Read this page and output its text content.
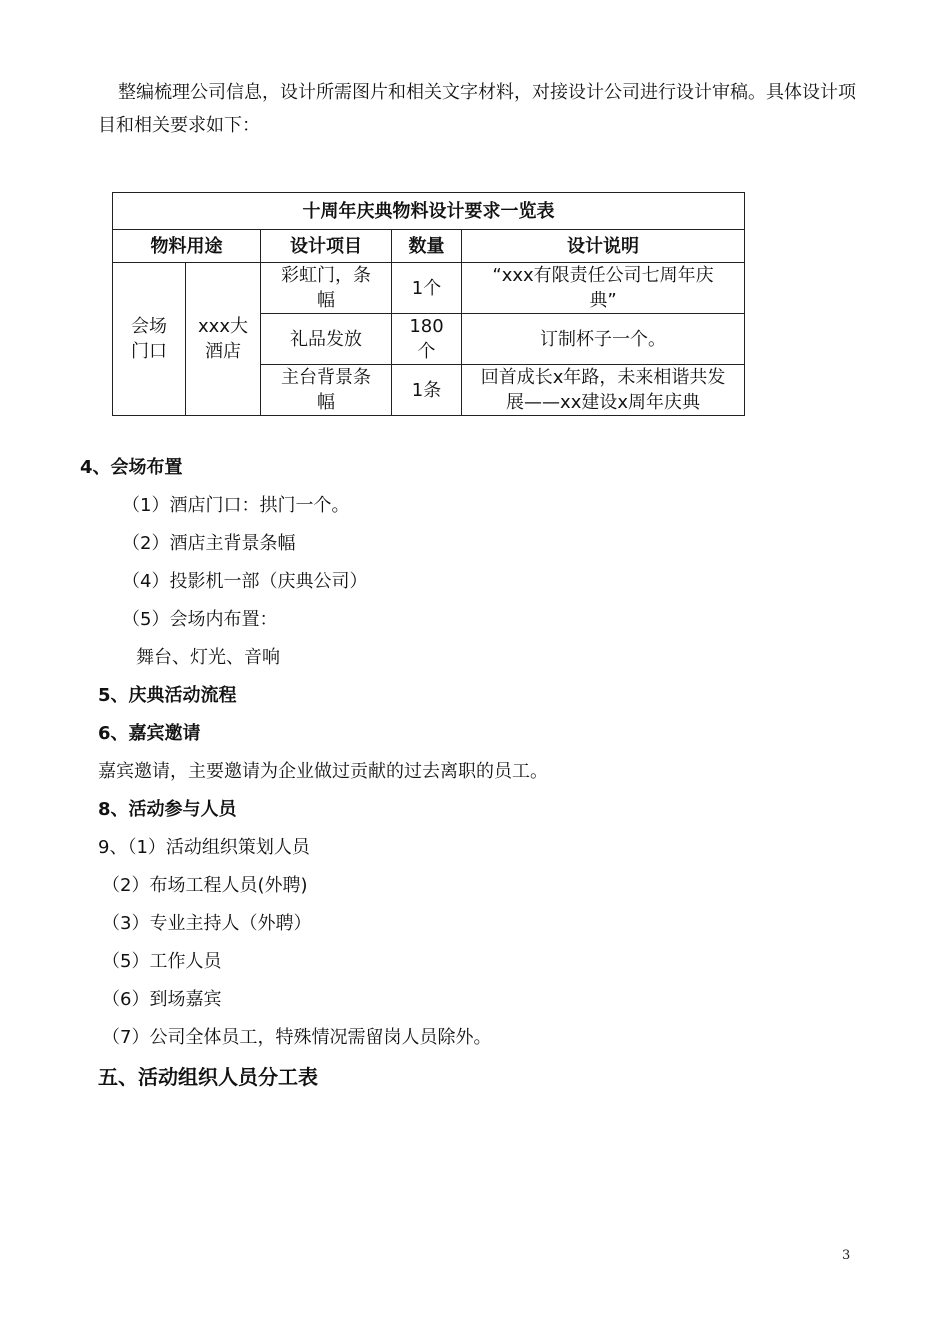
整编梳理公司信息，设计所需图片和相关文字材料，对接设计公司进行设计审稿。具体设计项目和相关要求如下：

十周年庆典物料设计要求一览表				
物料用途		设计项目	数量	设计说明
会场门口	xxx大酒店	彩虹门，条幅	1个	“xxx有限责任公司七周年庆典”
		礼品发放	180个	订制杯子一个。
		主台背景条幅	1条	回首成长x年路，未来相谐共发展——xx建设x周年庆典
4、会场布置
（1）酒店门口：拱门一个。
（2）酒店主背景条幅
（4）投影机一部（庆典公司）
（5）会场内布置：
舞台、灯光、音响
5、庆典活动流程
6、嘉宾邀请
嘉宾邀请，主要邀请为企业做过贡献的过去离职的员工。
8、活动参与人员
9、（1）活动组织策划人员
（2）布场工程人员(外聘)
（3）专业主持人（外聘）
（5）工作人员
（6）到场嘉宾
（7）公司全体员工，特殊情况需留岗人员除外。
五、活动组织人员分工表
3
